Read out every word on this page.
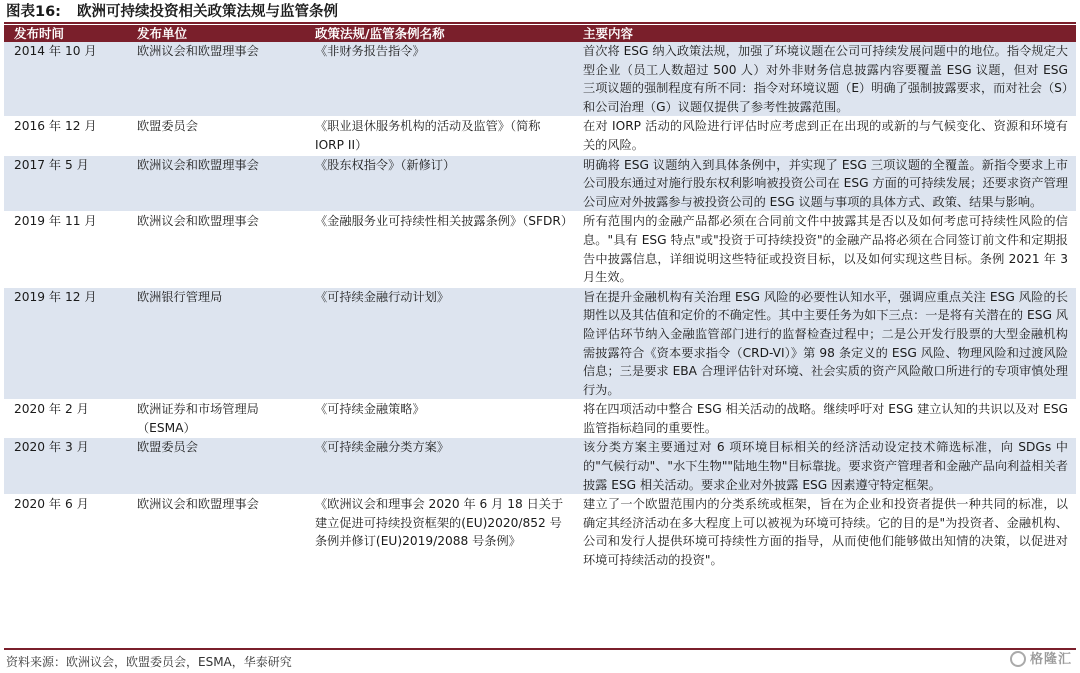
图表16: 欧洲可持续投资相关政策法规与监管条例
发布时间	发布单位	政策法规/监管条例名称	主要内容
2014 年 10 月	欧洲议会和欧盟理事会	《非财务报告指令》	首次将 ESG 纳入政策法规，加强了环境议题在公司可持续发展问题中的地位。指令规定大型企业（员工人数超过 500 人）对外非财务信息披露内容要覆盖 ESG 议题，但对 ESG 三项议题的强制程度有所不同：指令对环境议题（E）明确了强制披露要求，而对社会（S）和公司治理（G）议题仅提供了参考性披露范围。
2016 年 12 月	欧盟委员会	《职业退休服务机构的活动及监管》（简称 IORP II）	在对 IORP 活动的风险进行评估时应考虑到正在出现的或新的与气候变化、资源和环境有关的风险。
2017 年 5 月	欧洲议会和欧盟理事会	《股东权指令》（新修订）	明确将 ESG 议题纳入到具体条例中，并实现了 ESG 三项议题的全覆盖。新指令要求上市公司股东通过对施行股东权利影响被投资公司在 ESG 方面的可持续发展；还要求资产管理公司应对外披露参与被投资公司的 ESG 议题与事项的具体方式、政策、结果与影响。
2019 年 11 月	欧洲议会和欧盟理事会	《金融服务业可持续性相关披露条例》（SFDR）	所有范围内的金融产品都必须在合同前文件中披露其是否以及如何考虑可持续性风险的信息。"具有 ESG 特点"或"投资于可持续投资"的金融产品将必须在合同签订前文件和定期报告中披露信息，详细说明这些特征或投资目标，以及如何实现这些目标。条例 2021 年 3 月生效。
2019 年 12 月	欧洲银行管理局	《可持续金融行动计划》	旨在提升金融机构有关治理 ESG 风险的必要性认知水平，强调应重点关注 ESG 风险的长期性以及其估值和定价的不确定性。其中主要任务为如下三点：一是将有关潜在的 ESG 风险评估环节纳入金融监管部门进行的监督检查过程中；二是公开发行股票的大型金融机构需披露符合《资本要求指令（CRD-VI）》第 98 条定义的 ESG 风险、物理风险和过渡风险信息；三是要求 EBA 合理评估针对环境、社会实质的资产风险敞口所进行的专项审慎处理行为。
2020 年 2 月	欧洲证券和市场管理局（ESMA）	《可持续金融策略》	将在四项活动中整合 ESG 相关活动的战略。继续呼吁对 ESG 建立认知的共识以及对 ESG 监管指标趋同的重要性。
2020 年 3 月	欧盟委员会	《可持续金融分类方案》	该分类方案主要通过对 6 项环境目标相关的经济活动设定技术筛选标准，向 SDGs 中的"气候行动"、"水下生物""陆地生物"目标靠拢。要求资产管理者和金融产品向利益相关者披露 ESG 相关活动。要求企业对外披露 ESG 因素遵守特定框架。
2020 年 6 月	欧洲议会和欧盟理事会	《欧洲议会和理事会 2020 年 6 月 18 日关于建立促进可持续投资框架的(EU)2020/852 号条例并修订(EU)2019/2088 号条例》	建立了一个欧盟范围内的分类系统或框架，旨在为企业和投资者提供一种共同的标准，以确定其经济活动在多大程度上可以被视为环境可持续。它的目的是"为投资者、金融机构、公司和发行人提供环境可持续性方面的指导，从而使他们能够做出知情的决策，以促进对环境可持续活动的投资"。
资料来源：欧洲议会，欧盟委员会，ESMA，华泰研究	格隆汇
